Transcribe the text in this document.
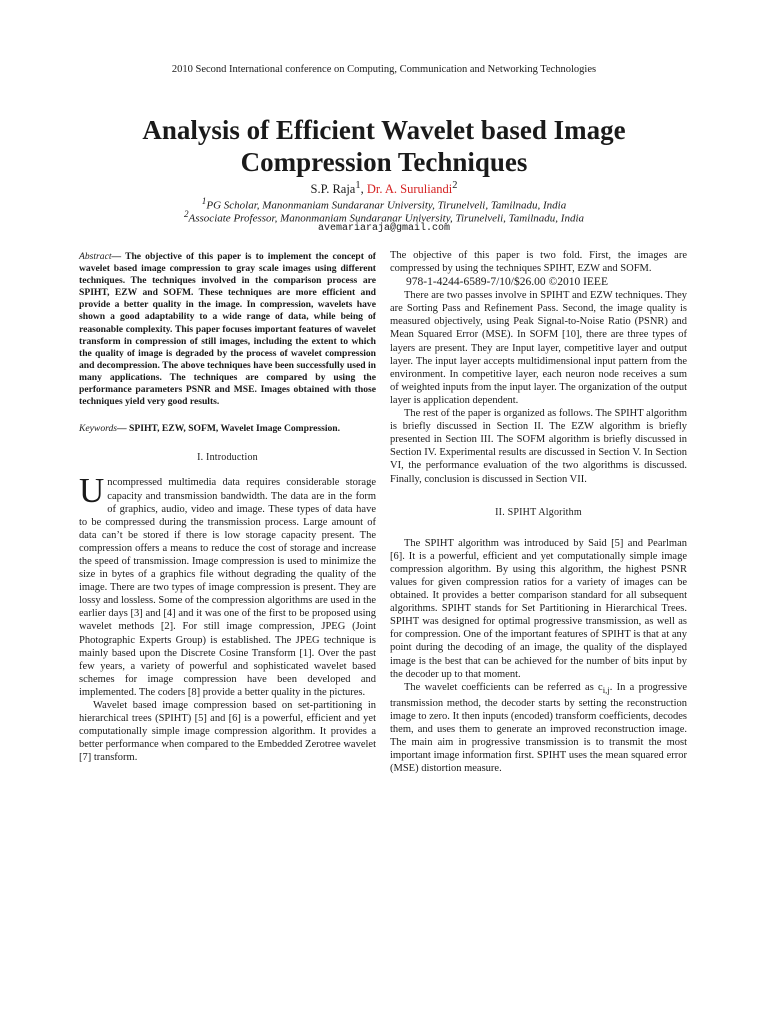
2010 Second International conference on Computing, Communication and Networking Technologies
Analysis of Efficient Wavelet based Image
Compression Techniques
S.P. Raja$^1$, Dr. A. Suruliandi$^2$
$^1$PG Scholar, Manonmaniam Sundaranar University, Tirunelveli, Tamilnadu, India
$^2$Associate Professor, Manonmaniam Sundaranar University, Tirunelveli, Tamilnadu, India
avemariaraja@gmail.com

Abstract— The objective of this paper is to implement the concept of wavelet based image compression to gray scale images using different techniques. The techniques involved in the comparison process are SPIHT, EZW and SOFM. These techniques are more efficient and provide a better quality in the image. In compression, wavelets have shown a good adaptability to a wide range of data, while being of reasonable complexity. This paper focuses important features of wavelet transform in compression of still images, including the extent to which the quality of image is degraded by the process of wavelet compression and decompression. The above techniques have been successfully used in many applications. The techniques are compared by using the performance parameters PSNR and MSE. Images obtained with those techniques yield very good results.

Keywords— SPIHT, EZW, SOFM, Wavelet Image Compression.

I. Introduction

Uncompressed multimedia data requires considerable storage capacity and transmission bandwidth. The data are in the form of graphics, audio, video and image. These types of data have to be compressed during the transmission process. Large amount of data can’t be stored if there is low storage capacity present. The compression offers a means to reduce the cost of storage and increase the speed of transmission. Image compression is used to minimize the size in bytes of a graphics file without degrading the quality of the image. There are two types of image compression is present. They are lossy and lossless. Some of the compression algorithms are used in the earlier days [3] and [4] and it was one of the first to be proposed using wavelet methods [2]. For still image compression, JPEG (Joint Photographic Experts Group) is established. The JPEG technique is mainly based upon the Discrete Cosine Transform [1]. Over the past few years, a variety of powerful and sophisticated wavelet based schemes for image compression have been developed and implemented. The coders [8] provide a better quality in the pictures.

Wavelet based image compression based on set-partitioning in hierarchical trees (SPIHT) [5] and [6] is a powerful, efficient and yet computationally simple image compression algorithm. It provides a better performance when compared to the Embedded Zerotree wavelet [7] transform.

The objective of this paper is two fold. First, the images are compressed by using the techniques SPIHT, EZW and SOFM.

978-1-4244-6589-7/10/$26.00 ©2010 IEEE

There are two passes involve in SPIHT and EZW techniques. They are Sorting Pass and Refinement Pass. Second, the image quality is measured objectively, using Peak Signal-to-Noise Ratio (PSNR) and Mean Squared Error (MSE). In SOFM [10], there are three types of layers are present. They are Input layer, competitive layer and output layer. The input layer accepts multidimensional input pattern from the environment. In competitive layer, each neuron node receives a sum of weighted inputs from the input layer. The organization of the output layer is application dependent.

The rest of the paper is organized as follows. The SPIHT algorithm is briefly discussed in Section II. The EZW algorithm is briefly presented in Section III. The SOFM algorithm is briefly discussed in Section IV. Experimental results are discussed in Section V. In Section VI, the performance evaluation of the two algorithms is discussed. Finally, conclusion is discussed in Section VII.

II. SPIHT Algorithm

The SPIHT algorithm was introduced by Said [5] and Pearlman [6]. It is a powerful, efficient and yet computationally simple image compression algorithm. By using this algorithm, the highest PSNR values for given compression ratios for a variety of images can be obtained. It provides a better comparison standard for all subsequent algorithms. SPIHT stands for Set Partitioning in Hierarchical Trees. SPIHT was designed for optimal progressive transmission, as well as for compression. One of the important features of SPIHT is that at any point during the decoding of an image, the quality of the displayed image is the best that can be achieved for the number of bits input by the decoder up to that moment.

The wavelet coefficients can be referred as $c_{i,j}$. In a progressive transmission method, the decoder starts by setting the reconstruction image to zero. It then inputs (encoded) transform coefficients, decodes them, and uses them to generate an improved reconstruction image. The main aim in progressive transmission is to transmit the most important image information first. SPIHT uses the mean squared error (MSE) distortion measure.
